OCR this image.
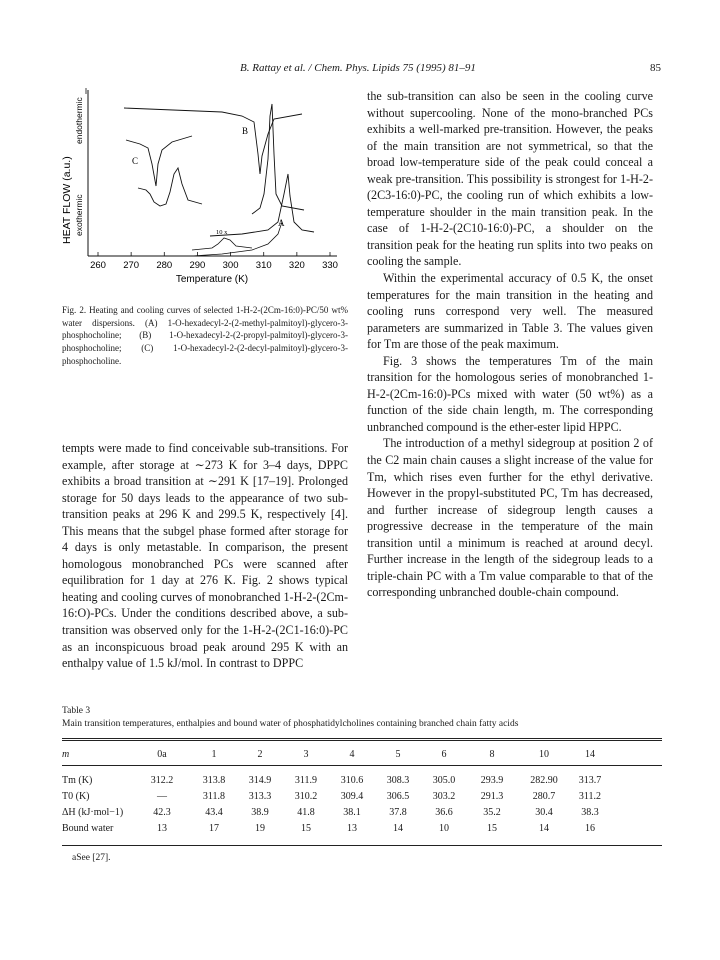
B. Rattay et al. / Chem. Phys. Lipids 75 (1995) 81–91	85
260 270 280 290 300 310 320 330
HEAT FLOW (a.u.)
endothermic
exothermic
Temperature (K)
B
C
A
10 x
Fig. 2. Heating and cooling curves of selected 1-H-2-(2Cm-16:0)-PC/50 wt% water dispersions. (A) 1-O-hexadecyl-2-(2-methyl-palmitoyl)-glycero-3-phosphocholine; (B) 1-O-hexadecyl-2-(2-propyl-palmitoyl)-glycero-3-phosphocholine; (C) 1-O-hexadecyl-2-(2-decyl-palmitoyl)-glycero-3-phosphocholine.

tempts were made to find conceivable sub-transitions. For example, after storage at ∼273 K for 3–4 days, DPPC exhibits a broad transition at ∼291 K [17–19]. Prolonged storage for 50 days leads to the appearance of two sub-transition peaks at 296 K and 299.5 K, respectively [4]. This means that the subgel phase formed after storage for 4 days is only metastable. In comparison, the present homologous monobranched PCs were scanned after equilibration for 1 day at 276 K. Fig. 2 shows typical heating and cooling curves of monobranched 1-H-2-(2Cm-16:O)-PCs. Under the conditions described above, a sub-transition was observed only for the 1-H-2-(2C1-16:0)-PC as an inconspicuous broad peak around 295 K with an enthalpy value of 1.5 kJ/mol. In contrast to DPPC

the sub-transition can also be seen in the cooling curve without supercooling. None of the mono-branched PCs exhibits a well-marked pre-transition. However, the peaks of the main transition are not symmetrical, so that the broad low-temperature side of the peak could conceal a weak pre-transition. This possibility is strongest for 1-H-2-(2C3-16:0)-PC, the cooling run of which exhibits a low-temperature shoulder in the main transition peak. In the case of 1-H-2-(2C10-16:0)-PC, a shoulder on the transition peak for the heating run splits into two peaks on cooling the sample.

Within the experimental accuracy of 0.5 K, the onset temperatures for the main transition in the heating and cooling runs correspond very well. The measured parameters are summarized in Table 3. The values given for Tm are those of the peak maximum.

Fig. 3 shows the temperatures Tm of the main transition for the homologous series of monobranched 1-H-2-(2Cm-16:0)-PCs mixed with water (50 wt%) as a function of the side chain length, m. The corresponding unbranched compound is the ether-ester lipid HPPC.

The introduction of a methyl sidegroup at position 2 of the C2 main chain causes a slight increase of the value for Tm, which rises even further for the ethyl derivative. However in the propyl-substituted PC, Tm has decreased, and further increase of sidegroup length causes a progressive decrease in the temperature of the main transition until a minimum is reached at around decyl. Further increase in the length of the sidegroup leads to a triple-chain PC with a Tm value comparable to that of the corresponding unbranched double-chain compound.

Table 3
Main transition temperatures, enthalpies and bound water of phosphatidylcholines containing branched chain fatty acids
m	0a	1	2	3	4	5	6	8	10	14
Tm (K)	312.2	313.8	314.9	311.9	310.6	308.3	305.0	293.9	282.90	313.7
T0 (K)	—	311.8	313.3	310.2	309.4	306.5	303.2	291.3	280.7	311.2
ΔH (kJ·mol−1)	42.3	43.4	38.9	41.8	38.1	37.8	36.6	35.2	30.4	38.3
Bound water	13	17	19	15	13	14	10	15	14	16
aSee [27].
